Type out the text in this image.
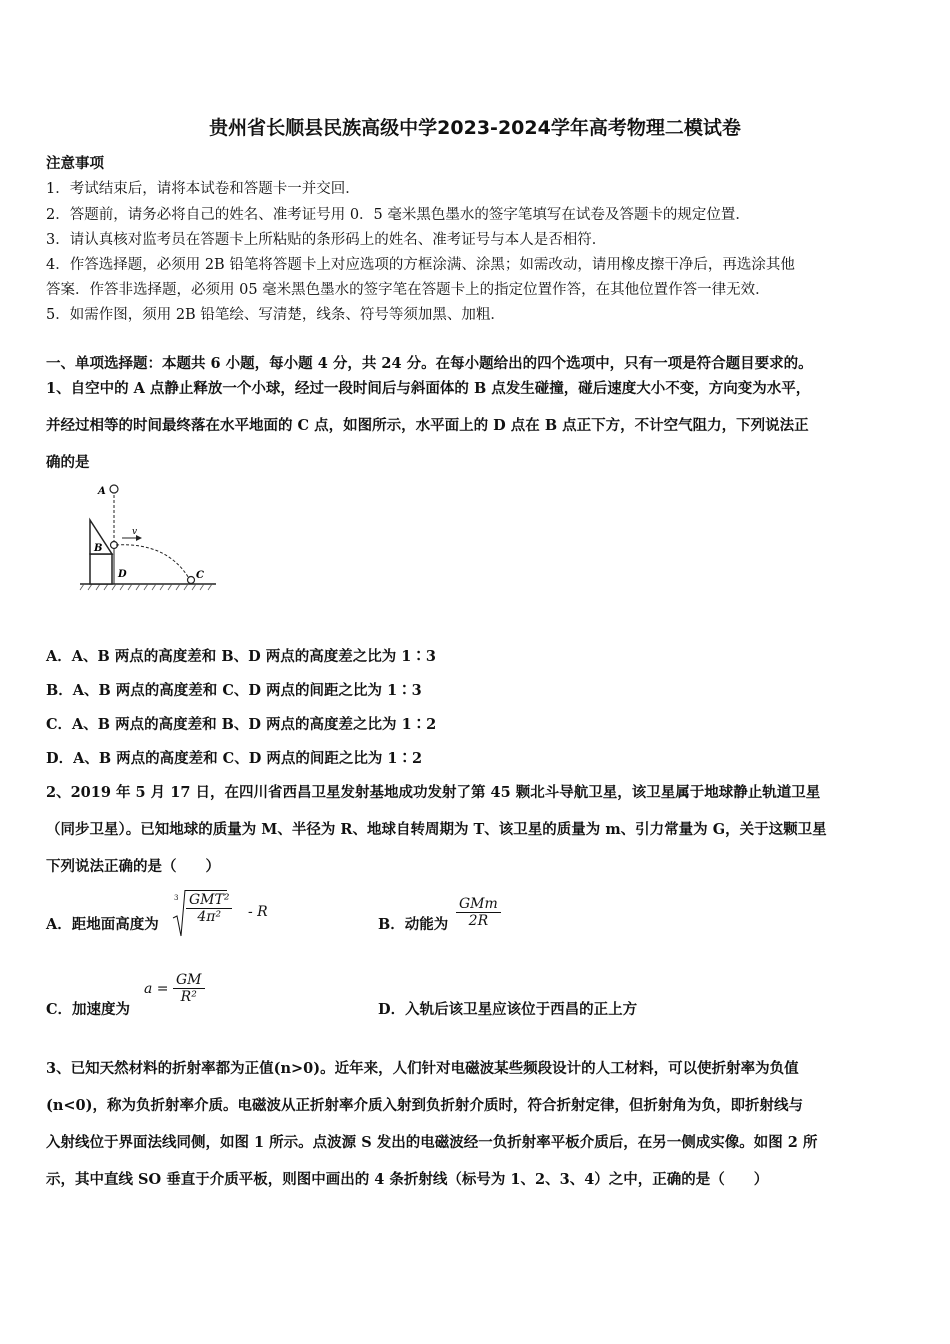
贵州省长顺县民族高级中学2023-2024学年高考物理二模试卷
注意事项
1．考试结束后，请将本试卷和答题卡一并交回．
2．答题前，请务必将自己的姓名、准考证号用 0．5 毫米黑色墨水的签字笔填写在试卷及答题卡的规定位置．
3．请认真核对监考员在答题卡上所粘贴的条形码上的姓名、准考证号与本人是否相符．
4．作答选择题，必须用 2B 铅笔将答题卡上对应选项的方框涂满、涂黑；如需改动，请用橡皮擦干净后，再选涂其他
答案．作答非选择题，必须用 05 毫米黑色墨水的签字笔在答题卡上的指定位置作答，在其他位置作答一律无效．
5．如需作图，须用 2B 铅笔绘、写清楚，线条、符号等须加黑、加粗．
一、单项选择题：本题共 6 小题，每小题 4 分，共 24 分。在每小题给出的四个选项中，只有一项是符合题目要求的。
1、自空中的 A 点静止释放一个小球，经过一段时间后与斜面体的 B 点发生碰撞，碰后速度大小不变，方向变为水平，
并经过相等的时间最终落在水平地面的 C 点，如图所示，水平面上的 D 点在 B 点正下方，不计空气阻力，下列说法正
确的是
A
B
D	C
v
A．A、B 两点的高度差和 B、D 两点的高度差之比为 1∶3
B．A、B 两点的高度差和 C、D 两点的间距之比为 1∶3
C．A、B 两点的高度差和 B、D 两点的高度差之比为 1∶2
D．A、B 两点的高度差和 C、D 两点的间距之比为 1∶2
2、2019 年 5 月 17 日，在四川省西昌卫星发射基地成功发射了第 45 颗北斗导航卫星，该卫星属于地球静止轨道卫星
（同步卫星）。已知地球的质量为 M、半径为 R、地球自转周期为 T、该卫星的质量为 m、引力常量为 G，关于这颗卫星
下列说法正确的是（　　）
A．距地面高度为
3 GMT²
4π²	- R
B．动能为 $\frac{\text{GMm}}{2R}$
C．加速度为
$a = \frac{GM}{\text{R²}}$
D．入轨后该卫星应该位于西昌的正上方
3、已知天然材料的折射率都为正值(n>0)。近年来，人们针对电磁波某些频段设计的人工材料，可以使折射率为负值
(n<0)，称为负折射率介质。电磁波从正折射率介质入射到负折射介质时，符合折射定律，但折射角为负，即折射线与
入射线位于界面法线同侧，如图 1 所示。点波源 S 发出的电磁波经一负折射率平板介质后，在另一侧成实像。如图 2 所
示，其中直线 SO 垂直于介质平板，则图中画出的 4 条折射线（标号为 1、2、3、4）之中，正确的是（　　）
